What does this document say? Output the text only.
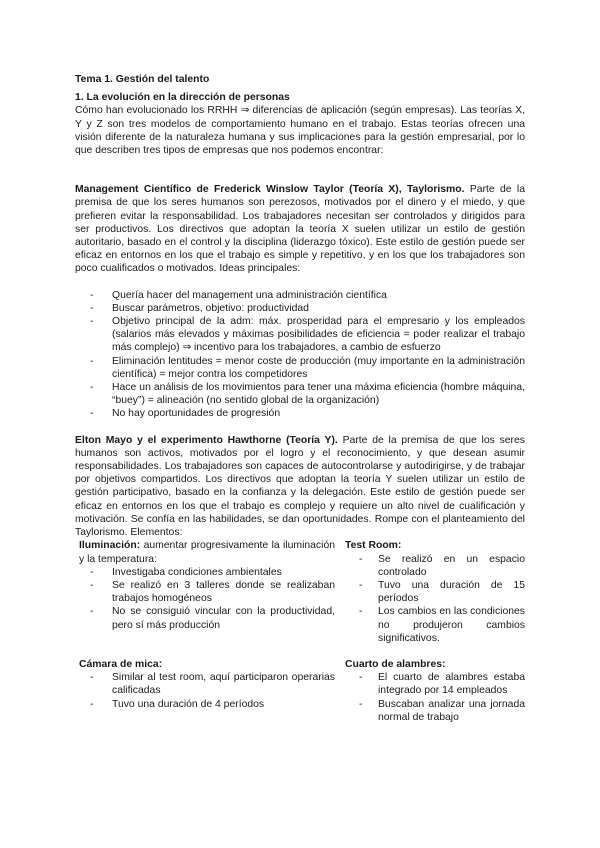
Tema 1. Gestión del talento

1. La evolución en la dirección de personas

Cómo han evolucionado los RRHH ⇒ diferencias de aplicación (según empresas). Las teorías X, Y y Z son tres modelos de comportamiento humano en el trabajo. Estas teorías ofrecen una visión diferente de la naturaleza humana y sus implicaciones para la gestión empresarial, por lo que describen tres tipos de empresas que nos podemos encontrar:

Management Científico de Frederick Winslow Taylor (Teoría X), Taylorismo. Parte de la premisa de que los seres humanos son perezosos, motivados por el dinero y el miedo, y que prefieren evitar la responsabilidad. Los trabajadores necesitan ser controlados y dirigidos para ser productivos. Los directivos que adoptan la teoría X suelen utilizar un estilo de gestión autoritario, basado en el control y la disciplina (liderazgo tóxico). Este estilo de gestión puede ser eficaz en entornos en los que el trabajo es simple y repetitivo, y en los que los trabajadores son poco cualificados o motivados. Ideas principales:

- Quería hacer del management una administración científica
- Buscar parámetros, objetivo: productividad
- Objetivo principal de la adm: máx. prosperidad para el empresario y los empleados (salarios más elevados y máximas posibilidades de eficiencia = poder realizar el trabajo más complejo) ⇒ incentivo para los trabajadores, a cambio de esfuerzo
- Eliminación lentitudes = menor coste de producción (muy importante en la administración científica) = mejor contra los competidores
- Hace un análisis de los movimientos para tener una máxima eficiencia (hombre máquina, “buey”) = alineación (no sentido global de la organización)
- No hay oportunidades de progresión

Elton Mayo y el experimento Hawthorne (Teoría Y). Parte de la premisa de que los seres humanos son activos, motivados por el logro y el reconocimiento, y que desean asumir responsabilidades. Los trabajadores son capaces de autocontrolarse y autodirigirse, y de trabajar por objetivos compartidos. Los directivos que adoptan la teoría Y suelen utilizar un estilo de gestión participativo, basado en la confianza y la delegación. Este estilo de gestión puede ser eficaz en entornos en los que el trabajo es complejo y requiere un alto nivel de cualificación y motivación. Se confía en las habilidades, se dan oportunidades. Rompe con el planteamiento del Taylorismo. Elementos:

Iluminación: aumentar progresivamente la iluminación y la temperatura:

- Investigaba condiciones ambientales
- Se realizó en 3 talleres donde se realizaban trabajos homogéneos
- No se consiguió vincular con la productividad, pero sí más producción

Test Room:

- Se realizó en un espacio controlado
- Tuvo una duración de 15 períodos
- Los cambios en las condiciones no produjeron cambios significativos.

Cámara de mica:

- Similar al test room, aquí participaron operarias calificadas
- Tuvo una duración de 4 períodos

Cuarto de alambres:

- El cuarto de alambres estaba integrado por 14 empleados
- Buscaban analizar una jornada normal de trabajo
